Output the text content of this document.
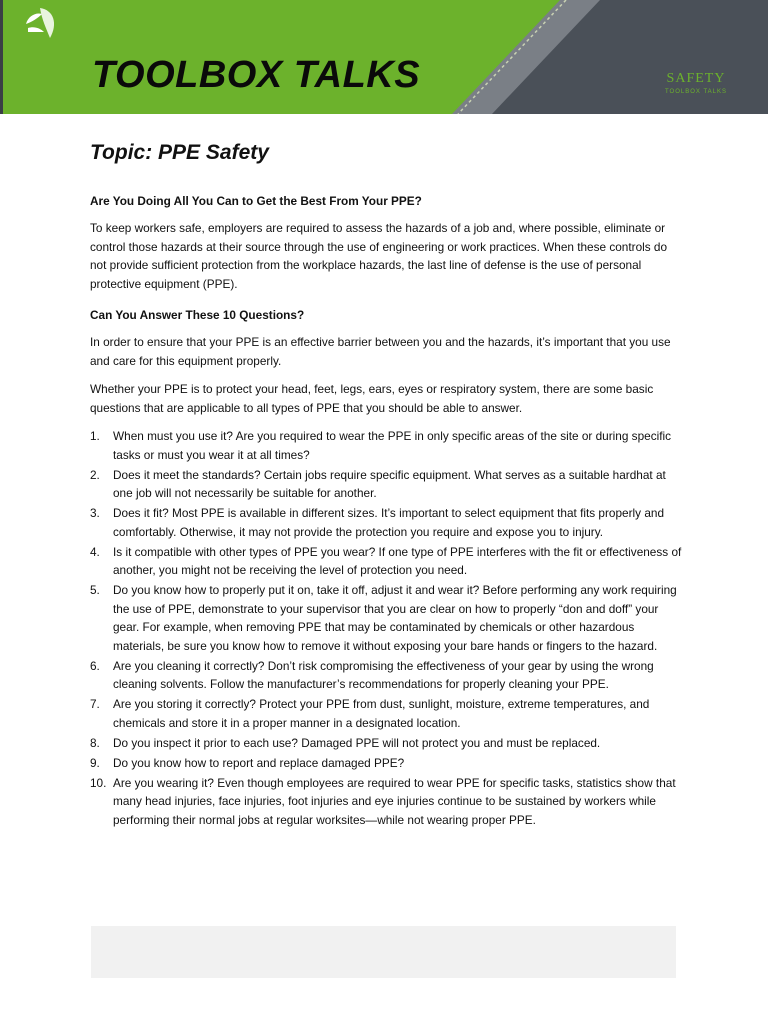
TOOLBOX TALKS	SAFETY
TOOLBOX TALKS
Topic: PPE Safety
Are You Doing All You Can to Get the Best From Your PPE?

To keep workers safe, employers are required to assess the hazards of a job and, where possible, eliminate or control those hazards at their source through the use of engineering or work practices. When these controls do not provide sufficient protection from the workplace hazards, the last line of defense is the use of personal protective equipment (PPE).

Can You Answer These 10 Questions?

In order to ensure that your PPE is an effective barrier between you and the hazards, it’s important that you use and care for this equipment properly.

Whether your PPE is to protect your head, feet, legs, ears, eyes or respiratory system, there are some basic questions that are applicable to all types of PPE that you should be able to answer.

1. When must you use it? Are you required to wear the PPE in only specific areas of the site or during specific tasks or must you wear it at all times?
2. Does it meet the standards? Certain jobs require specific equipment. What serves as a suitable hardhat at one job will not necessarily be suitable for another.
3. Does it fit? Most PPE is available in different sizes. It’s important to select equipment that fits properly and comfortably. Otherwise, it may not provide the protection you require and expose you to injury.
4. Is it compatible with other types of PPE you wear? If one type of PPE interferes with the fit or effectiveness of another, you might not be receiving the level of protection you need.
5. Do you know how to properly put it on, take it off, adjust it and wear it? Before performing any work requiring the use of PPE, demonstrate to your supervisor that you are clear on how to properly “don and doff” your gear. For example, when removing PPE that may be contaminated by chemicals or other hazardous materials, be sure you know how to remove it without exposing your bare hands or fingers to the hazard.
6. Are you cleaning it correctly? Don’t risk compromising the effectiveness of your gear by using the wrong cleaning solvents. Follow the manufacturer’s recommendations for properly cleaning your PPE.
7. Are you storing it correctly? Protect your PPE from dust, sunlight, moisture, extreme temperatures, and chemicals and store it in a proper manner in a designated location.
8. Do you inspect it prior to each use? Damaged PPE will not protect you and must be replaced.
9. Do you know how to report and replace damaged PPE?
10. Are you wearing it? Even though employees are required to wear PPE for specific tasks, statistics show that many head injuries, face injuries, foot injuries and eye injuries continue to be sustained by workers while performing their normal jobs at regular worksites—while not wearing proper PPE.
